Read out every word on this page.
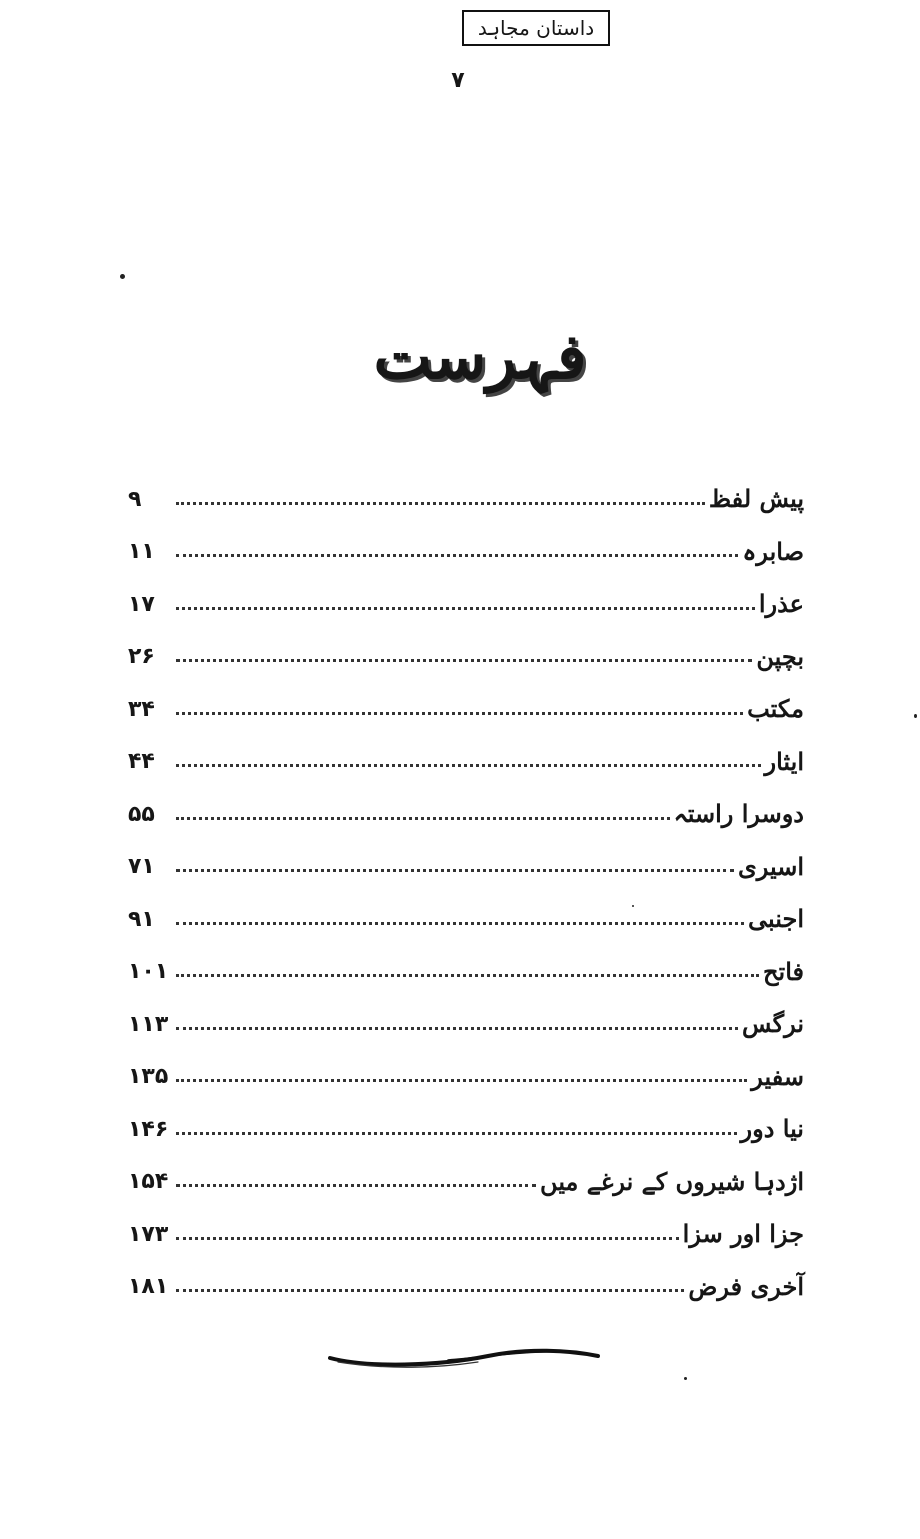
داستان مجاہد
۷
فہرست
پیش لفظ
۹
صابرہ
۱۱
عذرا
۱۷
بچپن
۲۶
مکتب
۳۴
ایثار
۴۴
دوسرا راستہ
۵۵
اسیری
۷۱
اجنبی
۹۱
فاتح
۱۰۱
نرگس
۱۱۳
سفیر
۱۳۵
نیا دور
۱۴۶
اژدہا شیروں کے نرغے میں
۱۵۴
جزا اور سزا
۱۷۳
آخری فرض
۱۸۱
